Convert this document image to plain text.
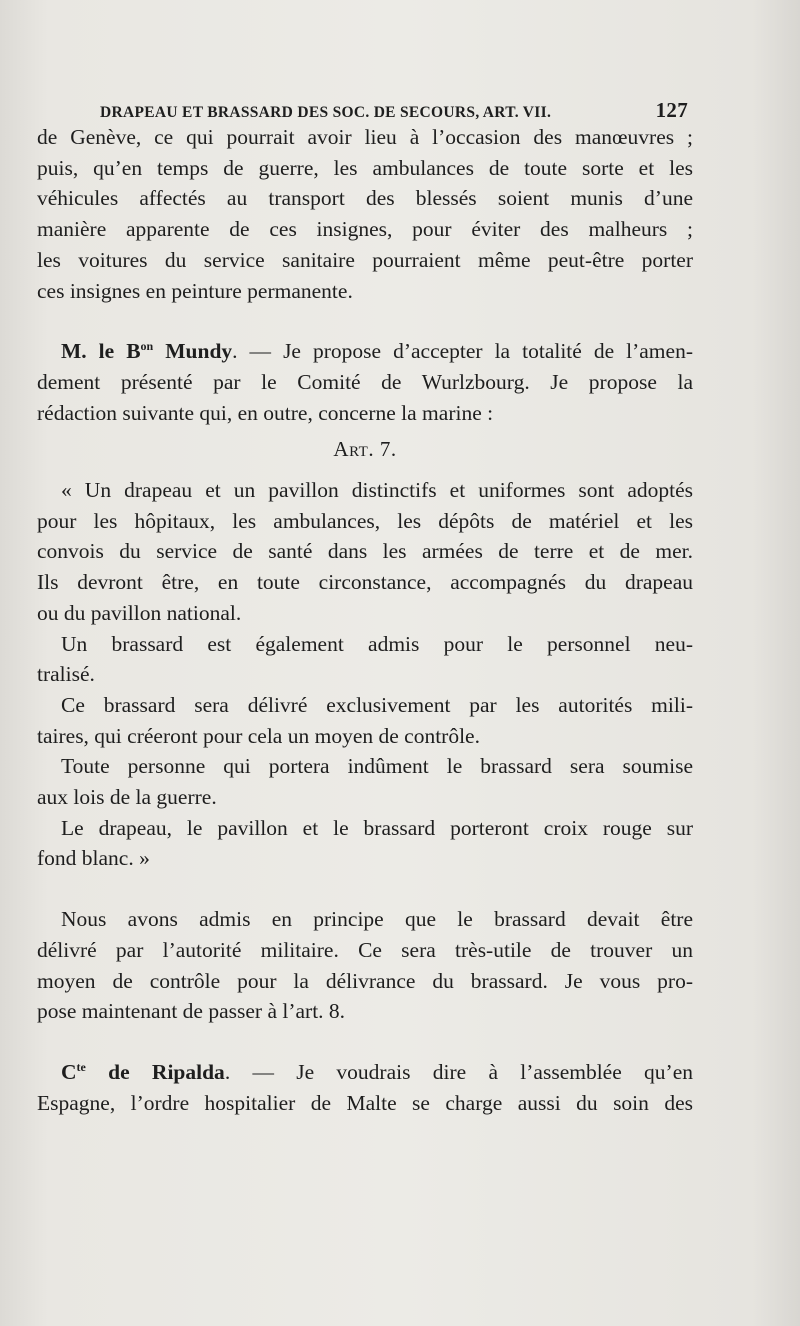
DRAPEAU ET BRASSARD DES SOC. DE SECOURS, ART. VII.	127

de Genève, ce qui pourrait avoir lieu à l’occasion des manœuvres ;
puis, qu’en temps de guerre, les ambulances de toute sorte et les
véhicules affectés au transport des blessés soient munis d’une
manière apparente de ces insignes, pour éviter des malheurs ;
les voitures du service sanitaire pourraient même peut-être porter
ces insignes en peinture permanente.

M. le $B^{on}$ Mundy. — Je propose d’accepter la totalité de l’amen-
dement présenté par le Comité de Wurlzbourg. Je propose la
rédaction suivante qui, en outre, concerne la marine :

Art. 7.

« Un drapeau et un pavillon distinctifs et uniformes sont adoptés
pour les hôpitaux, les ambulances, les dépôts de matériel et les
convois du service de santé dans les armées de terre et de mer.
Ils devront être, en toute circonstance, accompagnés du drapeau
ou du pavillon national.

Un brassard est également admis pour le personnel neu-
tralisé.

Ce brassard sera délivré exclusivement par les autorités mili-
taires, qui créeront pour cela un moyen de contrôle.

Toute personne qui portera indûment le brassard sera soumise
aux lois de la guerre.

Le drapeau, le pavillon et le brassard porteront croix rouge sur
fond blanc. »

Nous avons admis en principe que le brassard devait être
délivré par l’autorité militaire. Ce sera très-utile de trouver un
moyen de contrôle pour la délivrance du brassard. Je vous pro-
pose maintenant de passer à l’art. 8.

$C^{te}$ de Ripalda. — Je voudrais dire à l’assemblée qu’en
Espagne, l’ordre hospitalier de Malte se charge aussi du soin des
